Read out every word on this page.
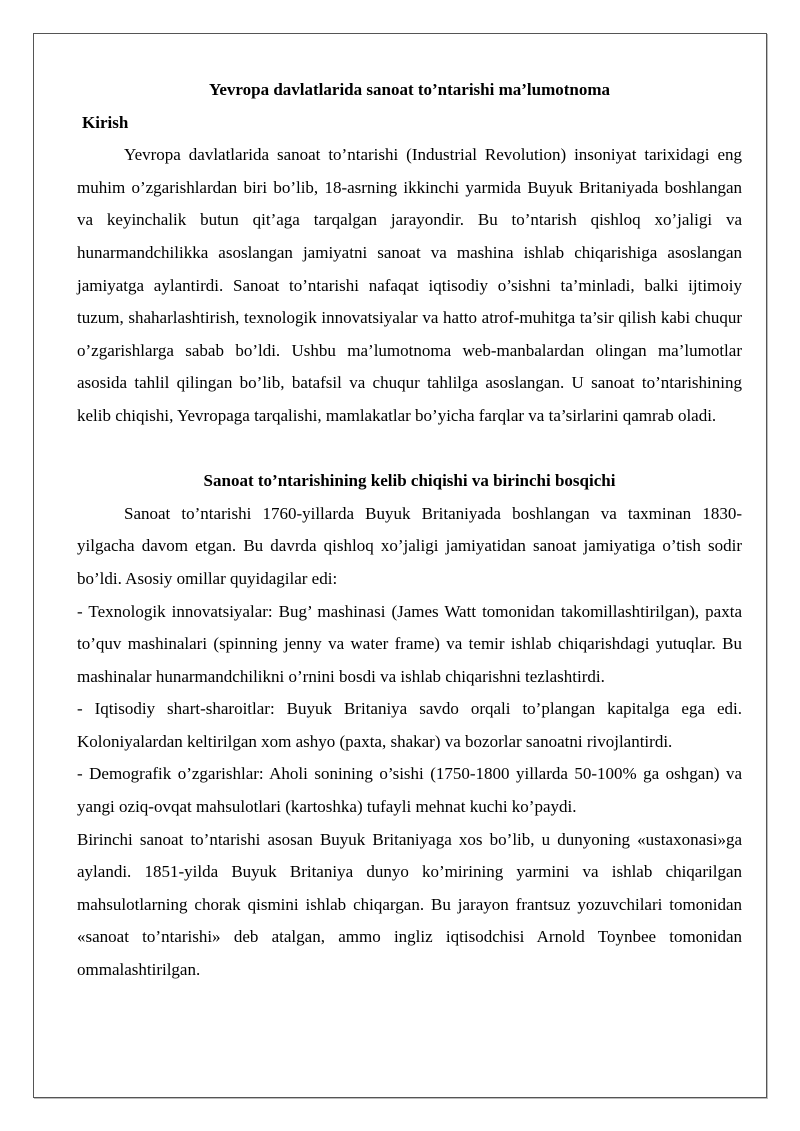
Yevropa davlatlarida sanoat to’ntarishi ma’lumotnoma

Kirish

Yevropa davlatlarida sanoat to’ntarishi (Industrial Revolution) insoniyat tarixidagi eng muhim o’zgarishlardan biri bo’lib, 18-asrning ikkinchi yarmida Buyuk Britaniyada boshlangan va keyinchalik butun qit’aga tarqalgan jarayondir. Bu to’ntarish qishloq xo’jaligi va hunarmandchilikka asoslangan jamiyatni sanoat va mashina ishlab chiqarishiga asoslangan jamiyatga aylantirdi. Sanoat to’ntarishi nafaqat iqtisodiy o’sishni ta’minladi, balki ijtimoiy tuzum, shaharlashtirish, texnologik innovatsiyalar va hatto atrof-muhitga ta’sir qilish kabi chuqur o’zgarishlarga sabab bo’ldi. Ushbu ma’lumotnoma web-manbalardan olingan ma’lumotlar asosida tahlil qilingan bo’lib, batafsil va chuqur tahlilga asoslangan. U sanoat to’ntarishining kelib chiqishi, Yevropaga tarqalishi, mamlakatlar bo’yicha farqlar va ta’sirlarini qamrab oladi.

Sanoat to’ntarishining kelib chiqishi va birinchi bosqichi

Sanoat to’ntarishi 1760-yillarda Buyuk Britaniyada boshlangan va taxminan 1830-yilgacha davom etgan. Bu davrda qishloq xo’jaligi jamiyatidan sanoat jamiyatiga o’tish sodir bo’ldi. Asosiy omillar quyidagilar edi:

- Texnologik innovatsiyalar: Bug’ mashinasi (James Watt tomonidan takomillashtirilgan), paxta to’quv mashinalari (spinning jenny va water frame) va temir ishlab chiqarishdagi yutuqlar. Bu mashinalar hunarmandchilikni o’rnini bosdi va ishlab chiqarishni tezlashtirdi.

- Iqtisodiy shart-sharoitlar: Buyuk Britaniya savdo orqali to’plangan kapitalga ega edi. Koloniyalardan keltirilgan xom ashyo (paxta, shakar) va bozorlar sanoatni rivojlantirdi.

- Demografik o’zgarishlar: Aholi sonining o’sishi (1750-1800 yillarda 50-100% ga oshgan) va yangi oziq-ovqat mahsulotlari (kartoshka) tufayli mehnat kuchi ko’paydi.

Birinchi sanoat to’ntarishi asosan Buyuk Britaniyaga xos bo’lib, u dunyoning «ustaxonasi»ga aylandi. 1851-yilda Buyuk Britaniya dunyo ko’mirining yarmini va ishlab chiqarilgan mahsulotlarning chorak qismini ishlab chiqargan. Bu jarayon frantsuz yozuvchilari tomonidan «sanoat to’ntarishi» deb atalgan, ammo ingliz iqtisodchisi Arnold Toynbee tomonidan ommalashtirilgan.
